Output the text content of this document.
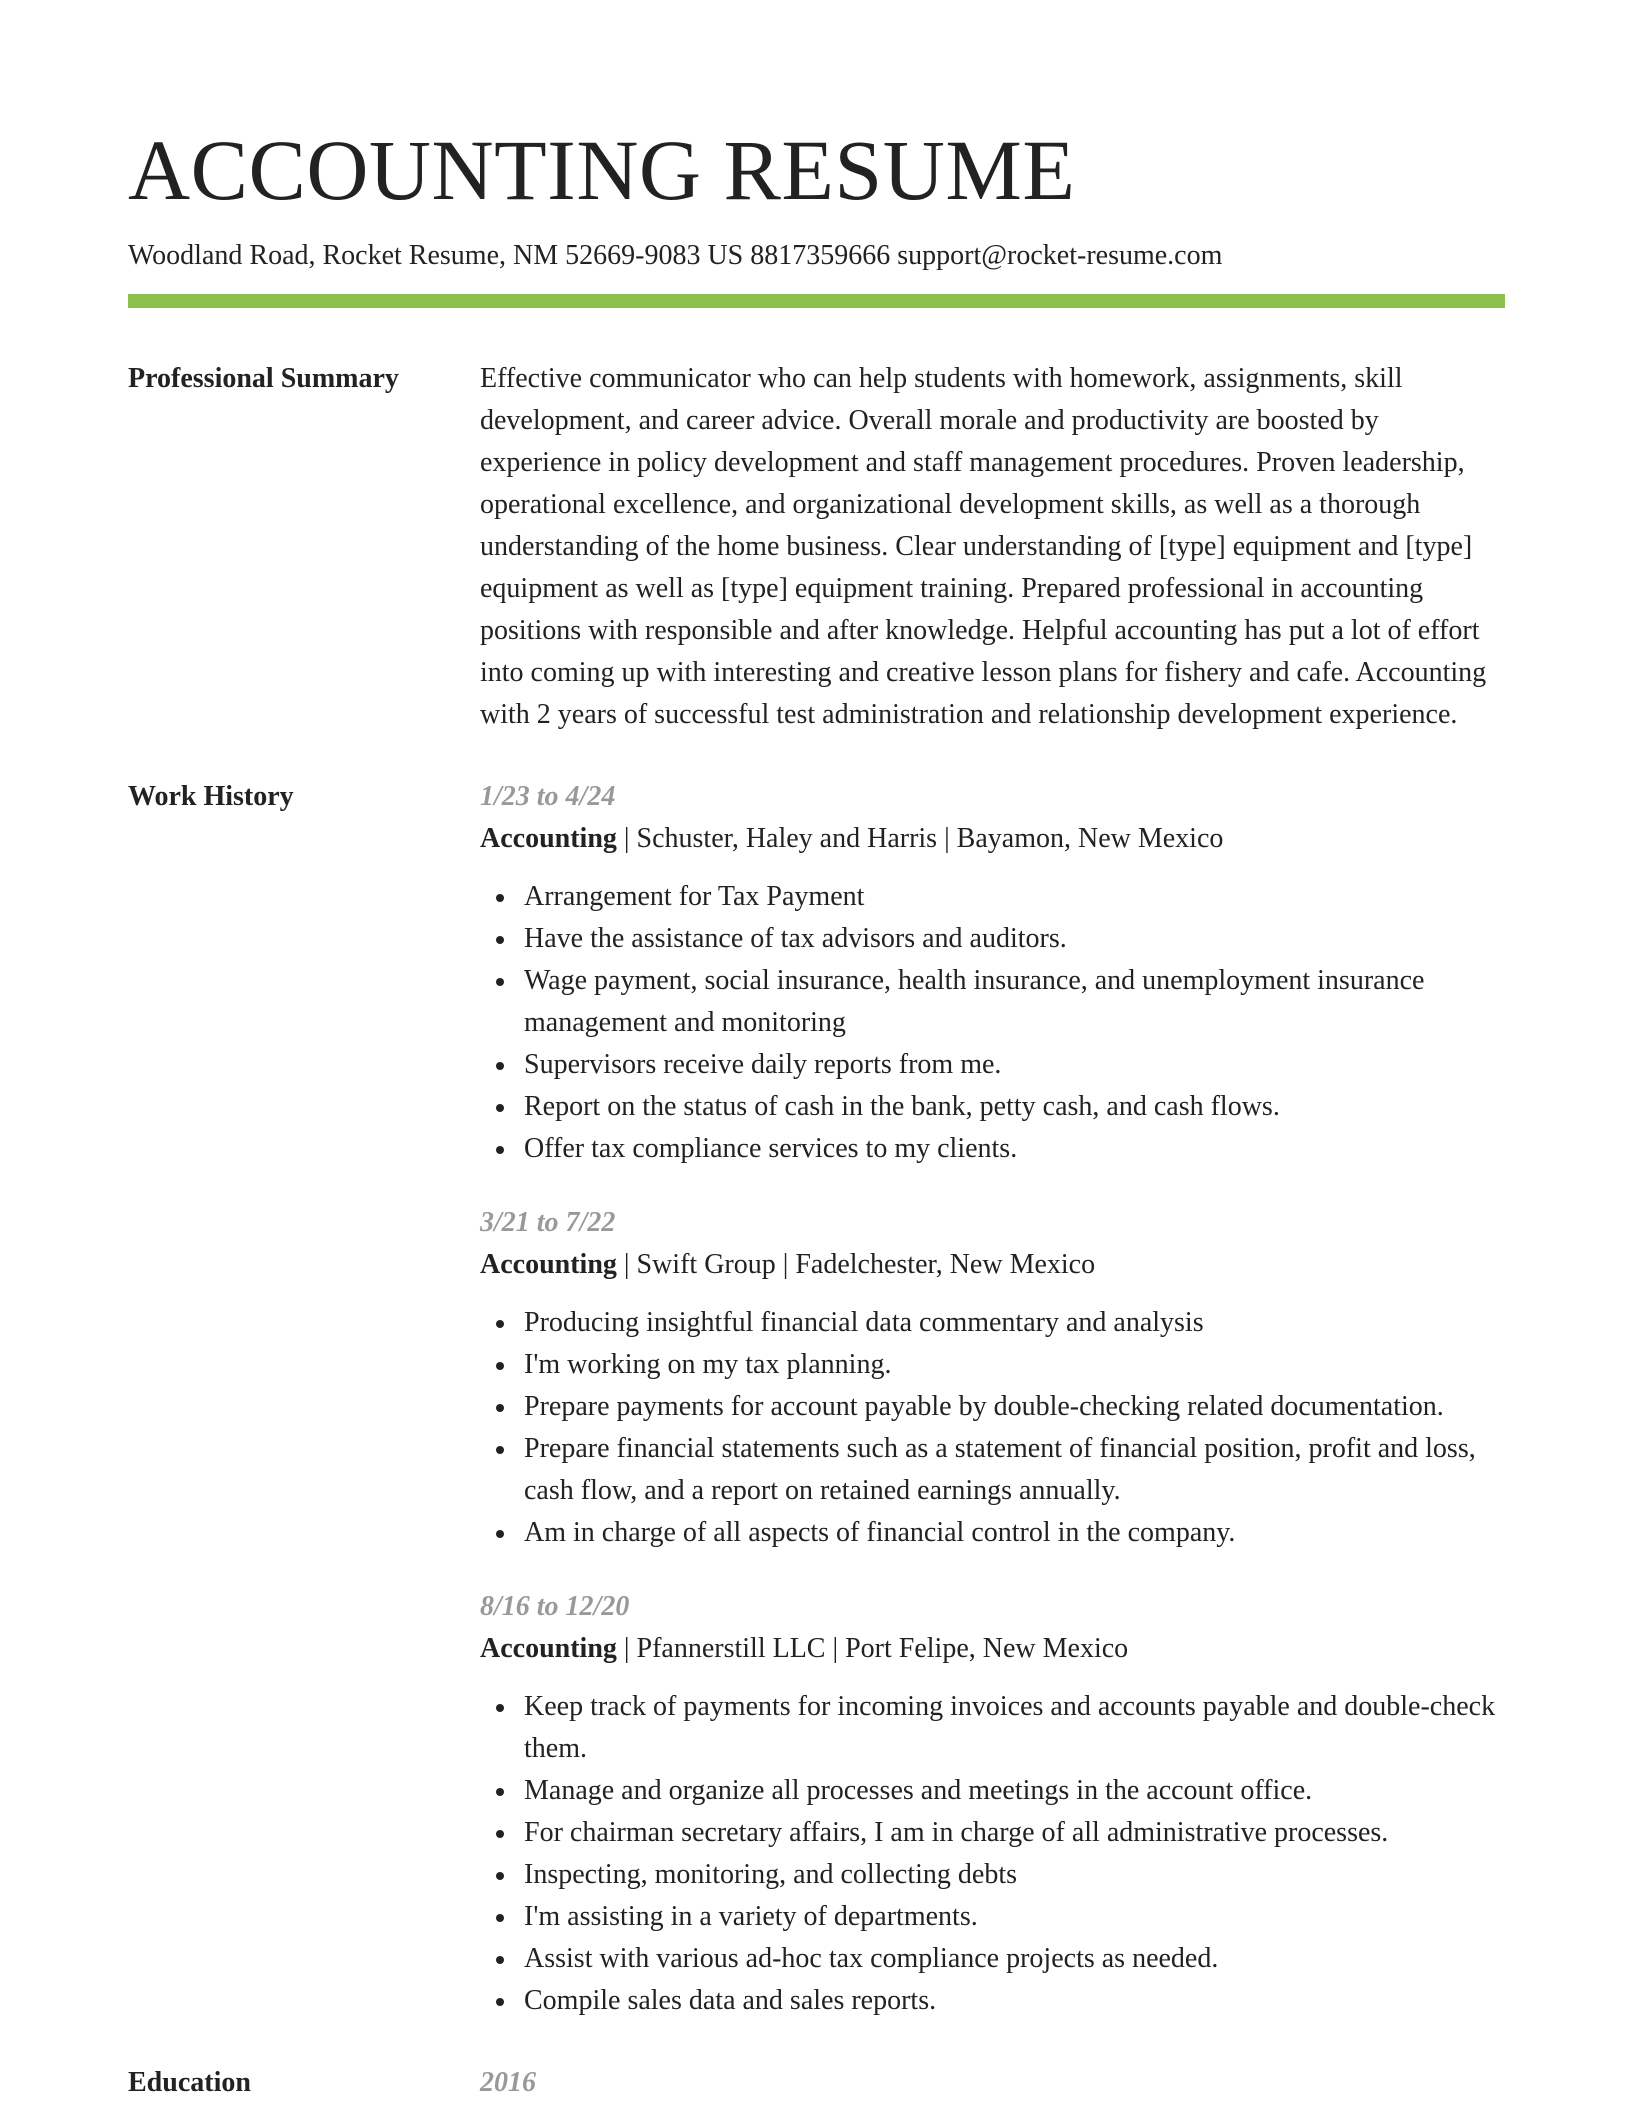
ACCOUNTING RESUME
Woodland Road, Rocket Resume, NM 52669-9083 US 8817359666 support@rocket-resume.com
Professional Summary	Effective communicator who can help students with homework, assignments, skill development, and career advice. Overall morale and productivity are boosted by experience in policy development and staff management procedures. Proven leadership, operational excellence, and organizational development skills, as well as a thorough understanding of the home business. Clear understanding of [type] equipment and [type] equipment as well as [type] equipment training. Prepared professional in accounting positions with responsible and after knowledge. Helpful accounting has put a lot of effort into coming up with interesting and creative lesson plans for fishery and cafe. Accounting with 2 years of successful test administration and relationship development experience.
Work History	1/23 to 4/24
Accounting | Schuster, Haley and Harris | Bayamon, New Mexico
Arrangement for Tax Payment
Have the assistance of tax advisors and auditors.
Wage payment, social insurance, health insurance, and unemployment insurance management and monitoring
Supervisors receive daily reports from me.
Report on the status of cash in the bank, petty cash, and cash flows.
Offer tax compliance services to my clients.
3/21 to 7/22
Accounting | Swift Group | Fadelchester, New Mexico
Producing insightful financial data commentary and analysis
I'm working on my tax planning.
Prepare payments for account payable by double-checking related documentation.
Prepare financial statements such as a statement of financial position, profit and loss, cash flow, and a report on retained earnings annually.
Am in charge of all aspects of financial control in the company.
8/16 to 12/20
Accounting | Pfannerstill LLC | Port Felipe, New Mexico
Keep track of payments for incoming invoices and accounts payable and double-check them.
Manage and organize all processes and meetings in the account office.
For chairman secretary affairs, I am in charge of all administrative processes.
Inspecting, monitoring, and collecting debts
I'm assisting in a variety of departments.
Assist with various ad-hoc tax compliance projects as needed.
Compile sales data and sales reports.
Education	2016
